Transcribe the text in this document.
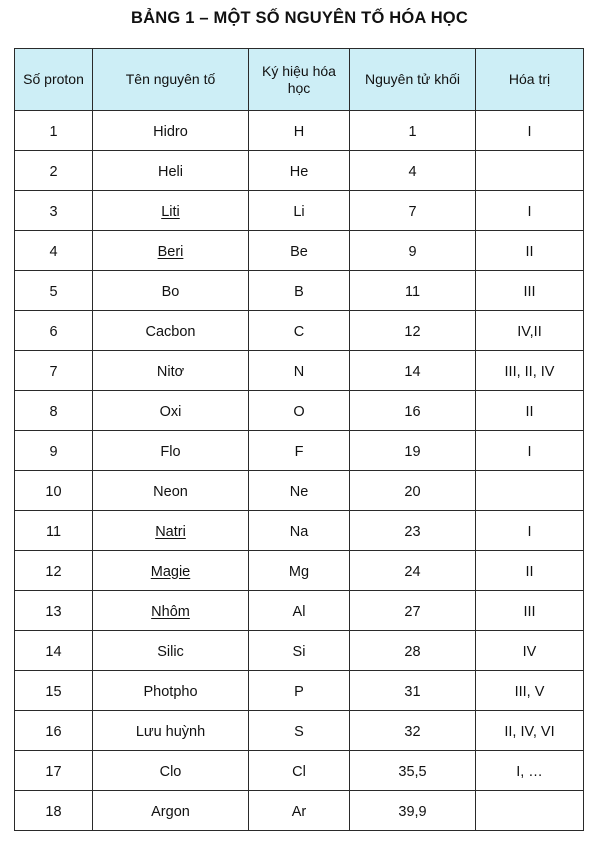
BẢNG 1 – MỘT SỐ NGUYÊN TỐ HÓA HỌC
Số proton	Tên nguyên tố	Ký hiệu hóa học	Nguyên tử khối	Hóa trị
1	Hidro	H	1	I
2	Heli	He	4	
3	Liti	Li	7	I
4	Beri	Be	9	II
5	Bo	B	11	III
6	Cacbon	C	12	IV,II
7	Nitơ	N	14	III, II, IV
8	Oxi	O	16	II
9	Flo	F	19	I
10	Neon	Ne	20	
11	Natri	Na	23	I
12	Magie	Mg	24	II
13	Nhôm	Al	27	III
14	Silic	Si	28	IV
15	Photpho	P	31	III, V
16	Lưu huỳnh	S	32	II, IV, VI
17	Clo	Cl	35,5	I, …
18	Argon	Ar	39,9	
